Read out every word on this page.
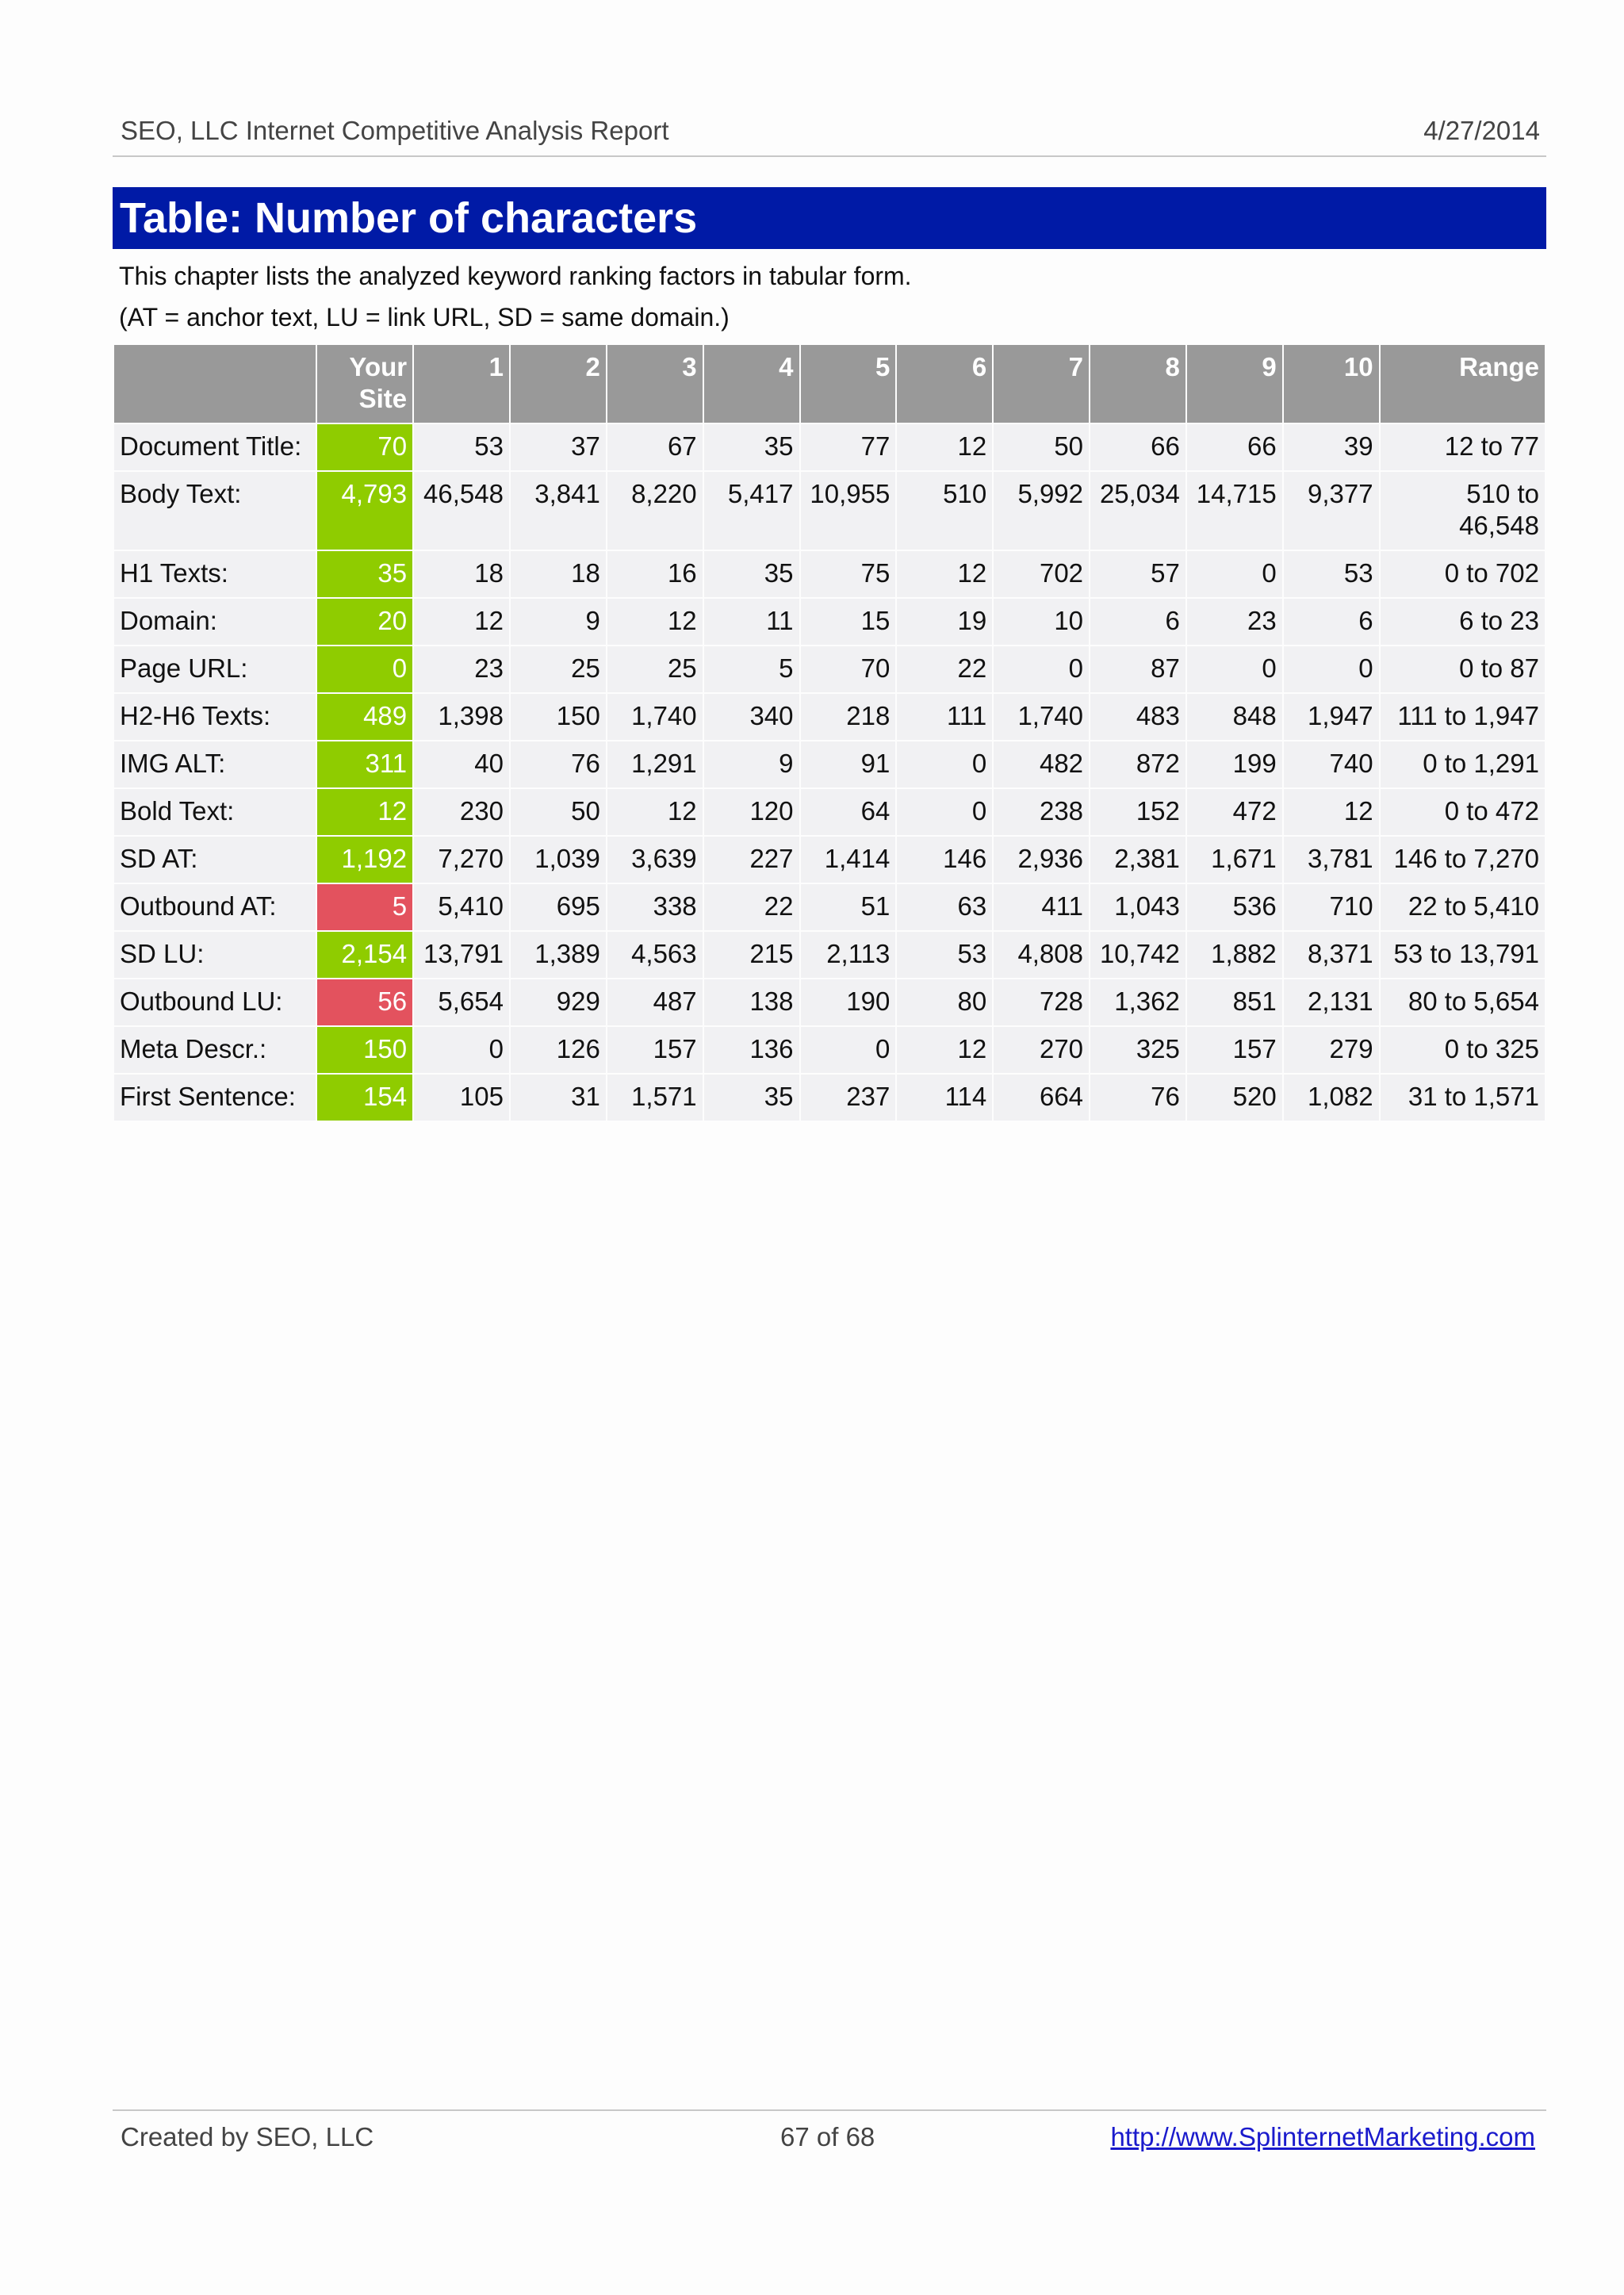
SEO, LLC Internet Competitive Analysis Report	4/27/2014
Table: Number of characters
This chapter lists the analyzed keyword ranking factors in tabular form.
(AT = anchor text, LU = link URL, SD = same domain.)
	Your Site	1	2	3	4	5	6	7	8	9	10	Range
Document Title:	70	53	37	67	35	77	12	50	66	66	39	12 to 77
Body Text:	4,793	46,548	3,841	8,220	5,417	10,955	510	5,992	25,034	14,715	9,377	510 to 46,548
H1 Texts:	35	18	18	16	35	75	12	702	57	0	53	0 to 702
Domain:	20	12	9	12	11	15	19	10	6	23	6	6 to 23
Page URL:	0	23	25	25	5	70	22	0	87	0	0	0 to 87
H2-H6 Texts:	489	1,398	150	1,740	340	218	111	1,740	483	848	1,947	111 to 1,947
IMG ALT:	311	40	76	1,291	9	91	0	482	872	199	740	0 to 1,291
Bold Text:	12	230	50	12	120	64	0	238	152	472	12	0 to 472
SD AT:	1,192	7,270	1,039	3,639	227	1,414	146	2,936	2,381	1,671	3,781	146 to 7,270
Outbound AT:	5	5,410	695	338	22	51	63	411	1,043	536	710	22 to 5,410
SD LU:	2,154	13,791	1,389	4,563	215	2,113	53	4,808	10,742	1,882	8,371	53 to 13,791
Outbound LU:	56	5,654	929	487	138	190	80	728	1,362	851	2,131	80 to 5,654
Meta Descr.:	150	0	126	157	136	0	12	270	325	157	279	0 to 325
First Sentence:	154	105	31	1,571	35	237	114	664	76	520	1,082	31 to 1,571
Created by SEO, LLC	67 of 68	http://www.SplinternetMarketing.com
